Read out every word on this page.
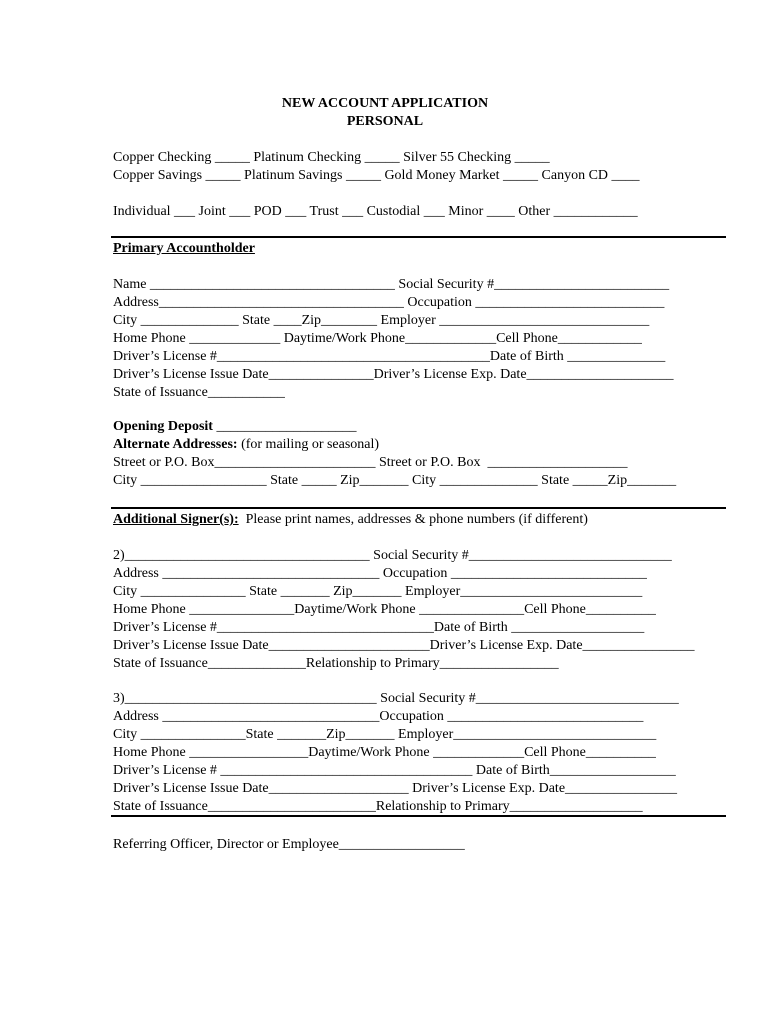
NEW ACCOUNT APPLICATION
PERSONAL
Copper Checking _____ Platinum Checking _____ Silver 55 Checking _____
Copper Savings _____ Platinum Savings _____ Gold Money Market _____ Canyon CD ____
Individual ___ Joint ___ POD ___ Trust ___ Custodial ___ Minor ____ Other ____________
Primary Accountholder
Name ___________________________________ Social Security #_________________________
Address___________________________________ Occupation ___________________________
City ______________ State ____Zip________ Employer ______________________________
Home Phone _____________ Daytime/Work Phone_____________Cell Phone____________
Driver’s License #_______________________________________Date of Birth ______________
Driver’s License Issue Date_______________Driver’s License Exp. Date_____________________
State of Issuance___________
Opening Deposit ____________________
Alternate Addresses: (for mailing or seasonal)
Street or P.O. Box_______________________ Street or P.O. Box  ____________________
City __________________ State _____ Zip_______ City ______________ State _____Zip_______
Additional Signer(s):  Please print names, addresses & phone numbers (if different)
2)___________________________________ Social Security #_____________________________
Address _______________________________ Occupation ____________________________
City _______________ State _______ Zip_______ Employer__________________________
Home Phone _______________Daytime/Work Phone _______________Cell Phone__________
Driver’s License #_______________________________Date of Birth ___________________
Driver’s License Issue Date_______________________Driver’s License Exp. Date________________
State of Issuance______________Relationship to Primary_________________
3)____________________________________ Social Security #_____________________________
Address _______________________________Occupation ____________________________
City _______________State _______Zip_______ Employer_____________________________
Home Phone _________________Daytime/Work Phone _____________Cell Phone__________
Driver’s License # ____________________________________ Date of Birth__________________
Driver’s License Issue Date____________________ Driver’s License Exp. Date________________
State of Issuance________________________Relationship to Primary___________________
Referring Officer, Director or Employee__________________
